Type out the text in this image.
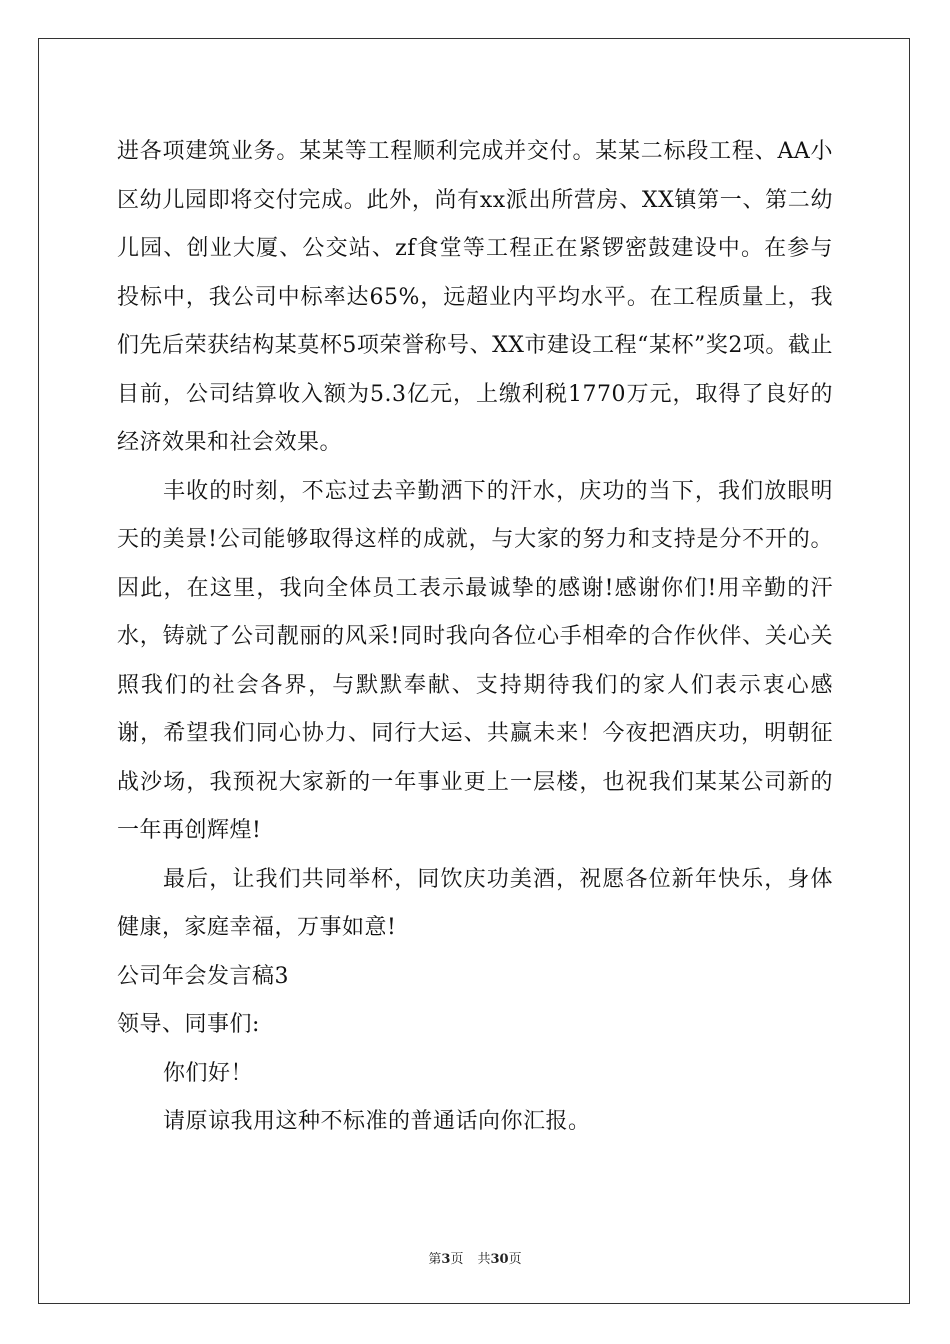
进各项建筑业务。某某等工程顺利完成并交付。某某二标段工程、AA小区幼儿园即将交付完成。此外，尚有xx派出所营房、XX镇第一、第二幼儿园、创业大厦、公交站、zf食堂等工程正在紧锣密鼓建设中。在参与投标中，我公司中标率达65%，远超业内平均水平。在工程质量上，我们先后荣获结构某莫杯5项荣誉称号、XX市建设工程“某杯”奖2项。截止目前，公司结算收入额为5.3亿元，上缴利税1770万元，取得了良好的经济效果和社会效果。

丰收的时刻，不忘过去辛勤洒下的汗水，庆功的当下，我们放眼明天的美景!公司能够取得这样的成就，与大家的努力和支持是分不开的。因此，在这里，我向全体员工表示最诚挚的感谢!感谢你们!用辛勤的汗水，铸就了公司靓丽的风采!同时我向各位心手相牵的合作伙伴、关心关照我们的社会各界，与默默奉献、支持期待我们的家人们表示衷心感谢，希望我们同心协力、同行大运、共赢未来！今夜把酒庆功，明朝征战沙场，我预祝大家新的一年事业更上一层楼，也祝我们某某公司新的一年再创辉煌!

最后，让我们共同举杯，同饮庆功美酒，祝愿各位新年快乐，身体健康，家庭幸福，万事如意!

公司年会发言稿3

领导、同事们:

你们好！

请原谅我用这种不标准的普通话向你汇报。

第3页 共30页
